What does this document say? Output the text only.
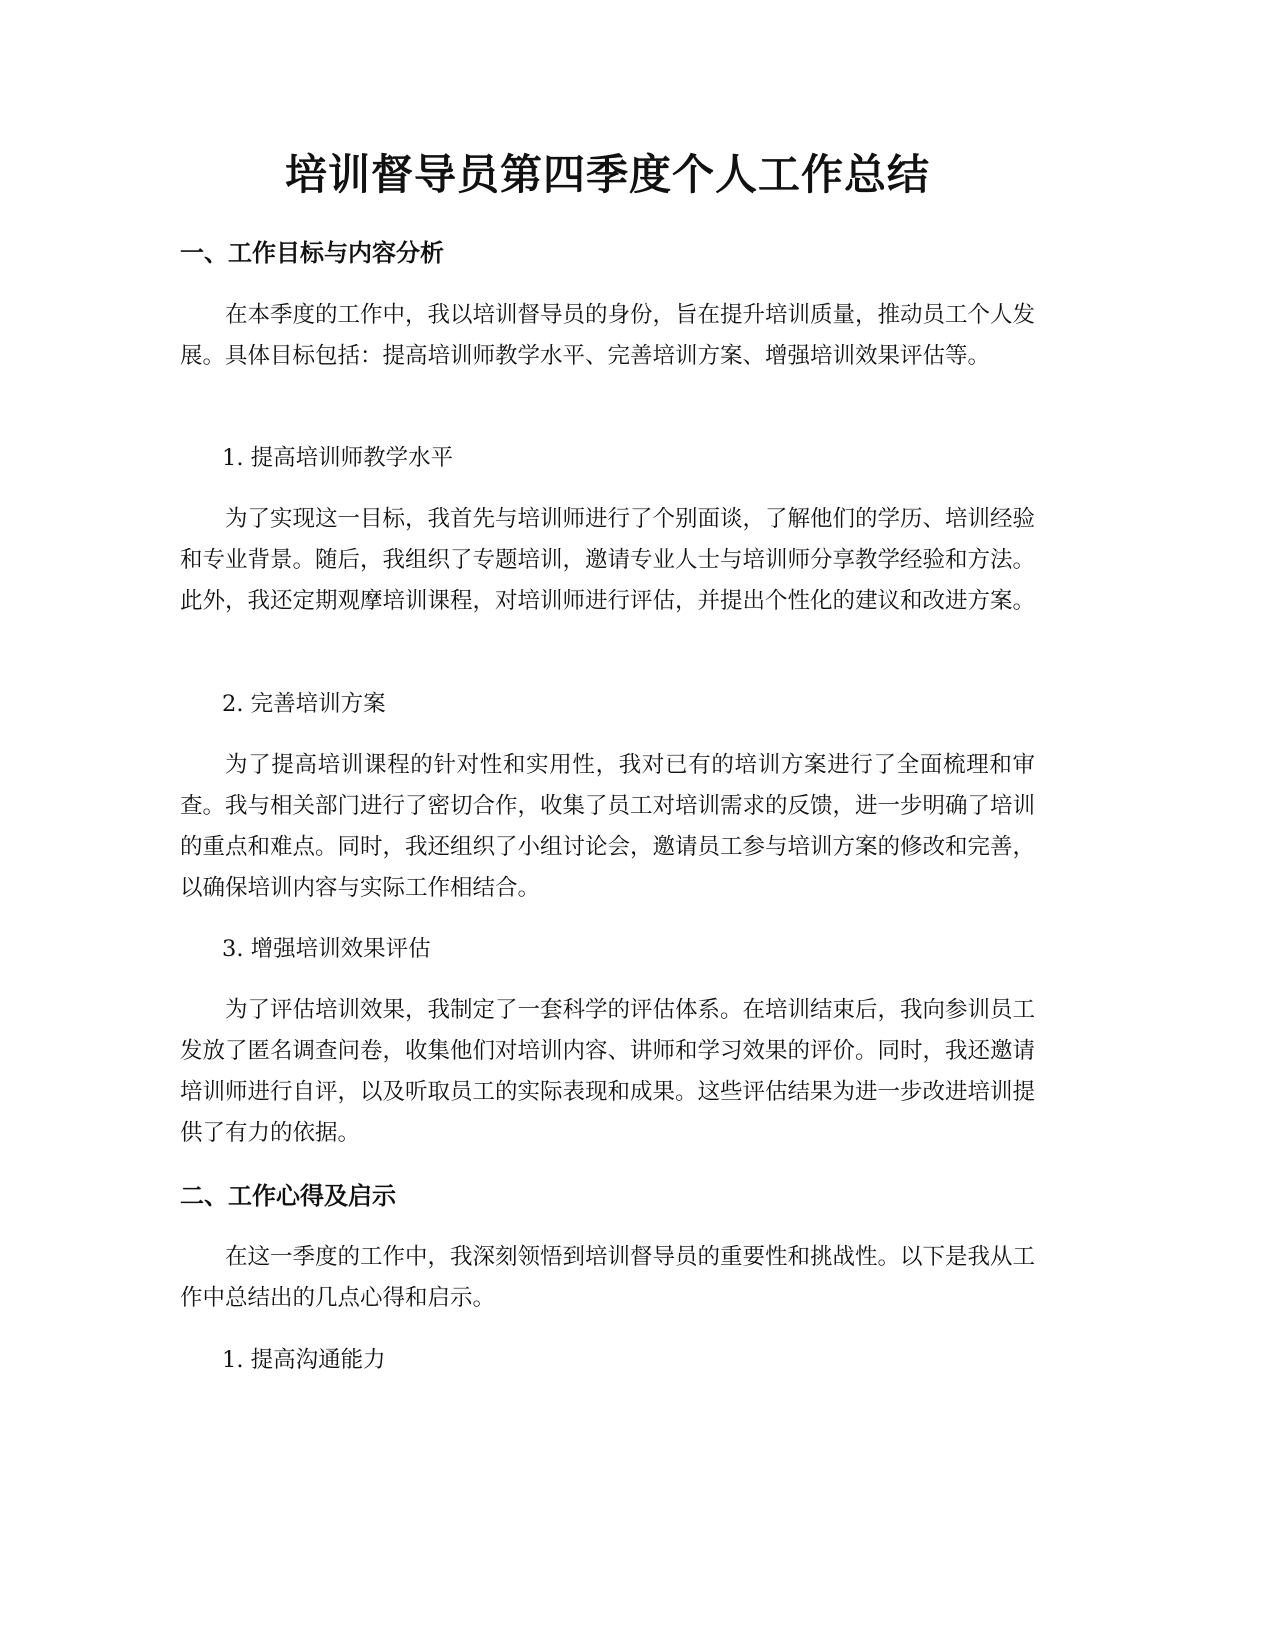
培训督导员第四季度个人工作总结
一、工作目标与内容分析

在本季度的工作中，我以培训督导员的身份，旨在提升培训质量，推动员工个人发展。具体目标包括：提高培训师教学水平、完善培训方案、增强培训效果评估等。

1. 提高培训师教学水平

为了实现这一目标，我首先与培训师进行了个别面谈，了解他们的学历、培训经验和专业背景。随后，我组织了专题培训，邀请专业人士与培训师分享教学经验和方法。此外，我还定期观摩培训课程，对培训师进行评估，并提出个性化的建议和改进方案。

2. 完善培训方案

为了提高培训课程的针对性和实用性，我对已有的培训方案进行了全面梳理和审查。我与相关部门进行了密切合作，收集了员工对培训需求的反馈，进一步明确了培训的重点和难点。同时，我还组织了小组讨论会，邀请员工参与培训方案的修改和完善，以确保培训内容与实际工作相结合。

3. 增强培训效果评估

为了评估培训效果，我制定了一套科学的评估体系。在培训结束后，我向参训员工发放了匿名调查问卷，收集他们对培训内容、讲师和学习效果的评价。同时，我还邀请培训师进行自评，以及听取员工的实际表现和成果。这些评估结果为进一步改进培训提供了有力的依据。

二、工作心得及启示

在这一季度的工作中，我深刻领悟到培训督导员的重要性和挑战性。以下是我从工作中总结出的几点心得和启示。

1. 提高沟通能力
